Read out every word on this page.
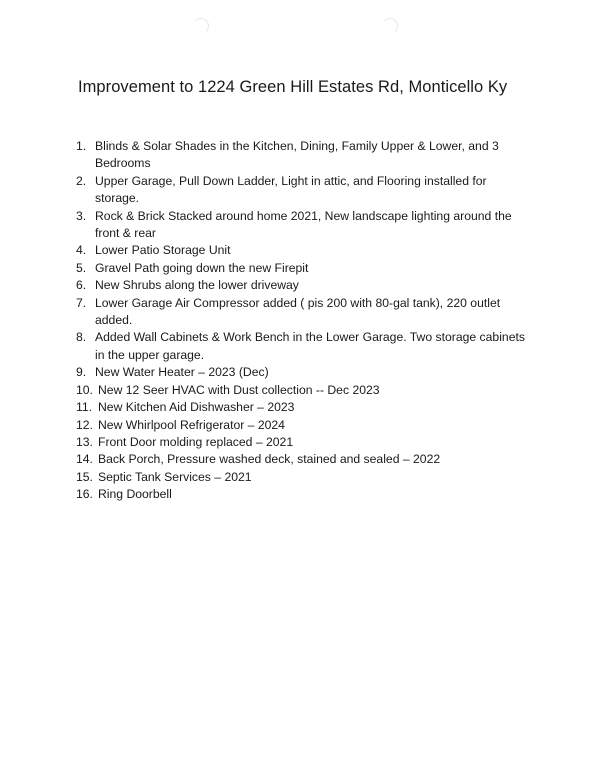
Improvement to 1224 Green Hill Estates Rd, Monticello Ky
1. Blinds & Solar Shades in the Kitchen, Dining, Family Upper & Lower, and 3 Bedrooms
2. Upper Garage, Pull Down Ladder, Light in attic, and Flooring installed for storage.
3. Rock & Brick Stacked around home 2021, New landscape lighting around the front & rear
4. Lower Patio Storage Unit
5. Gravel Path going down the new Firepit
6. New Shrubs along the lower driveway
7. Lower Garage Air Compressor added ( pis 200 with 80-gal tank), 220 outlet added.
8. Added Wall Cabinets & Work Bench in the Lower Garage. Two storage cabinets in the upper garage.
9. New Water Heater – 2023 (Dec)
10. New 12 Seer HVAC with Dust collection -- Dec 2023
11. New Kitchen Aid Dishwasher – 2023
12. New Whirlpool Refrigerator – 2024
13. Front Door molding replaced – 2021
14. Back Porch, Pressure washed deck, stained and sealed – 2022
15. Septic Tank Services – 2021
16. Ring Doorbell
